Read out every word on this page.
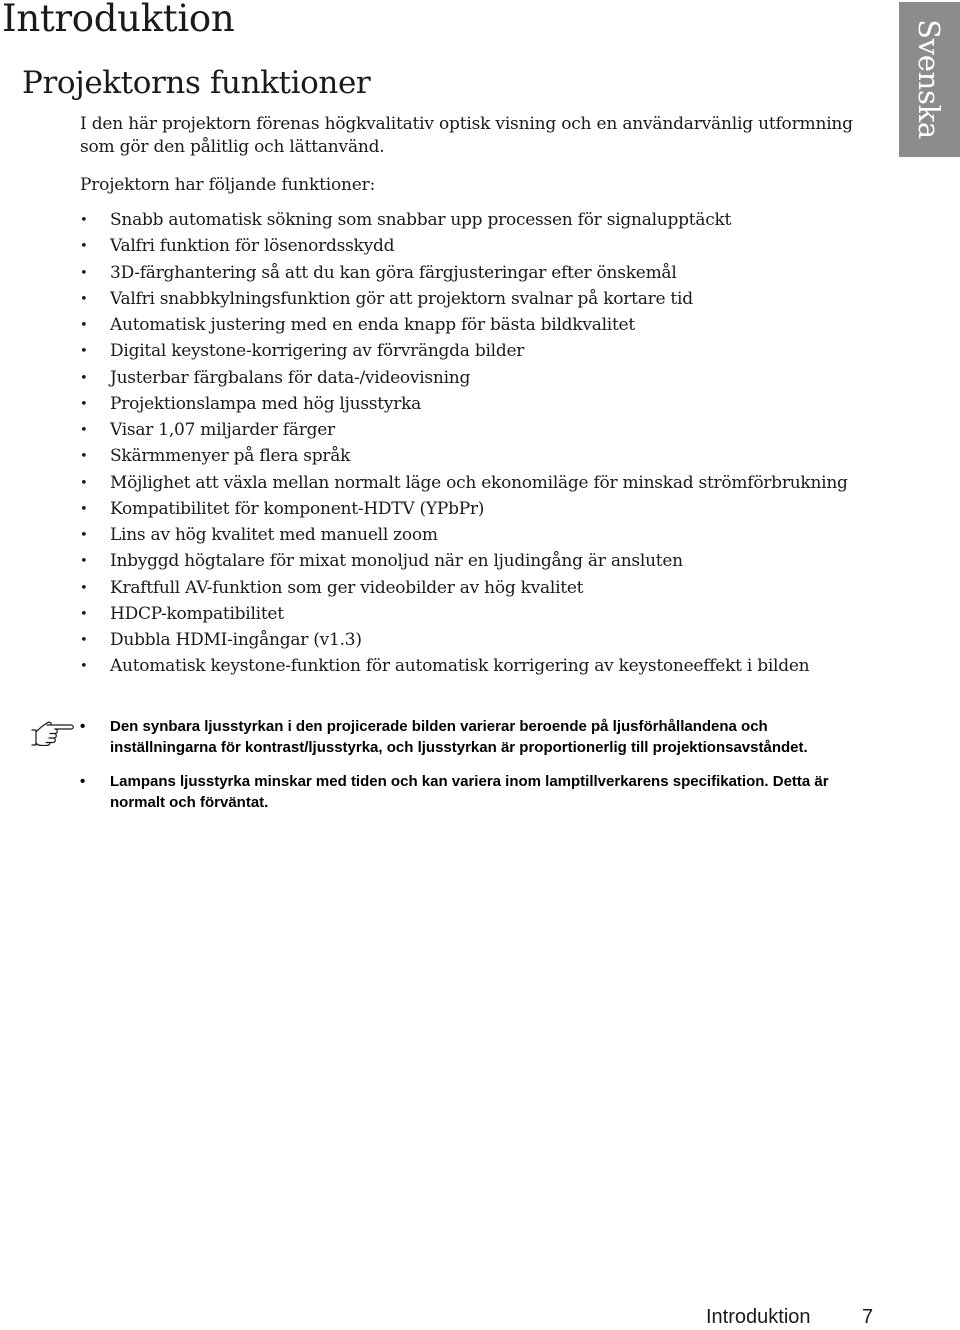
Introduktion
Svenska
Projektorns funktioner

I den här projektorn förenas högkvalitativ optisk visning och en användarvänlig utformning som gör den pålitlig och lättanvänd.

Projektorn har följande funktioner:

• Snabb automatisk sökning som snabbar upp processen för signalupptäckt
• Valfri funktion för lösenordsskydd
• 3D-färghantering så att du kan göra färgjusteringar efter önskemål
• Valfri snabbkylningsfunktion gör att projektorn svalnar på kortare tid
• Automatisk justering med en enda knapp för bästa bildkvalitet
• Digital keystone-korrigering av förvrängda bilder
• Justerbar färgbalans för data-/videovisning
• Projektionslampa med hög ljusstyrka
• Visar 1,07 miljarder färger
• Skärmmenyer på flera språk
• Möjlighet att växla mellan normalt läge och ekonomiläge för minskad strömförbrukning
• Kompatibilitet för komponent-HDTV (YPbPr)
• Lins av hög kvalitet med manuell zoom
• Inbyggd högtalare för mixat monoljud när en ljudingång är ansluten
• Kraftfull AV-funktion som ger videobilder av hög kvalitet
• HDCP-kompatibilitet
• Dubbla HDMI-ingångar (v1.3)
• Automatisk keystone-funktion för automatisk korrigering av keystoneeffekt i bilden
• Den synbara ljusstyrkan i den projicerade bilden varierar beroende på ljusförhållandena och inställningarna för kontrast/ljusstyrka, och ljusstyrkan är proportionerlig till projektionsavståndet.
• Lampans ljusstyrka minskar med tiden och kan variera inom lamptillverkarens specifikation. Detta är normalt och förväntat.
Introduktion	7
